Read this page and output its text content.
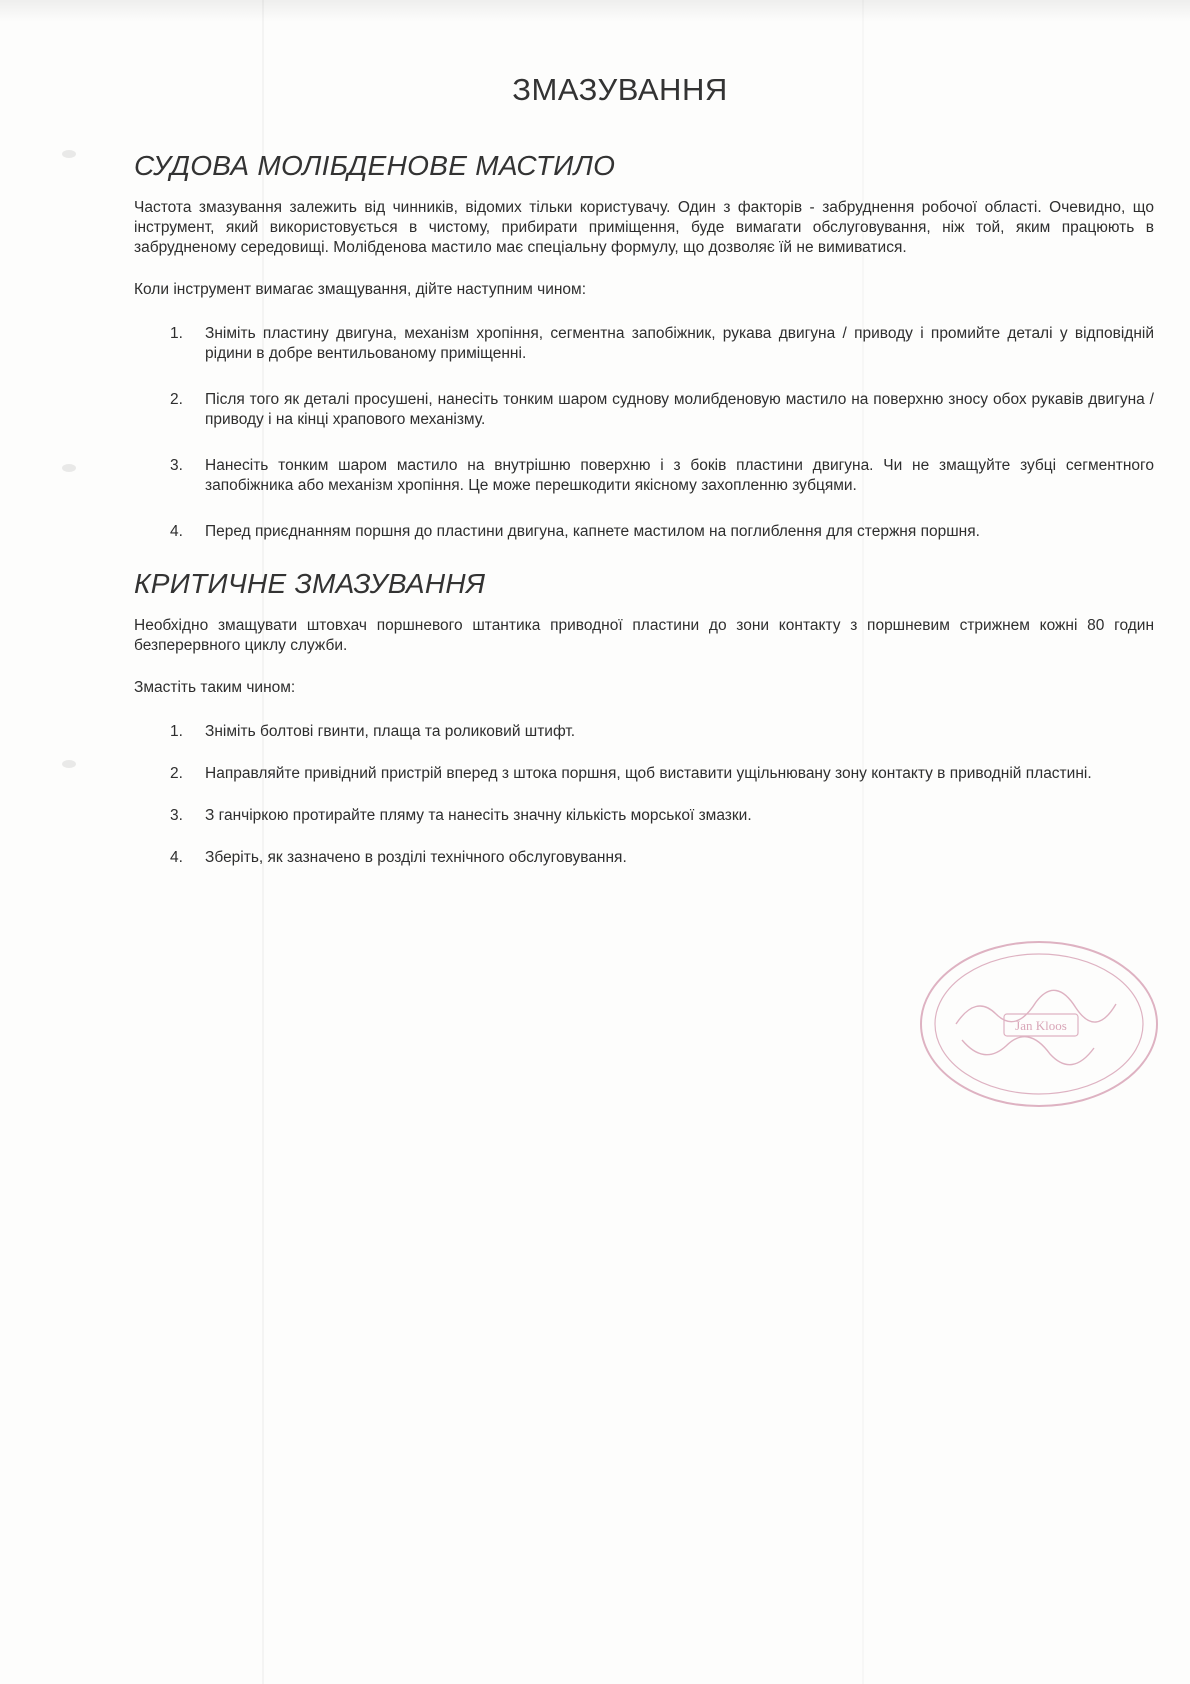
ЗМАЗУВАННЯ
СУДОВА МОЛІБДЕНОВЕ МАСТИЛО

Частота змазування залежить від чинників, відомих тільки користувачу. Один з факторів - забруднення робочої області. Очевидно, що інструмент, який використовується в чистому, прибирати приміщення, буде вимагати обслуговування, ніж той, яким працюють в забрудненому середовищі. Молібденова мастило має спеціальну формулу, що дозволяє їй не вимиватися.

Коли інструмент вимагає змащування, дійте наступним чином:

1. Зніміть пластину двигуна, механізм хропіння, сегментна запобіжник, рукава двигуна / приводу і промийте деталі у відповідній рідини в добре вентильованому приміщенні.
2. Після того як деталі просушені, нанесіть тонким шаром суднову молибденовую мастило на поверхню зносу обох рукавів двигуна / приводу і на кінці храпового механізму.
3. Нанесіть тонким шаром мастило на внутрішню поверхню і з боків пластини двигуна. Чи не змащуйте зубці сегментного запобіжника або механізм хропіння. Це може перешкодити якісному захопленню зубцями.
4. Перед приєднанням поршня до пластини двигуна, капнете мастилом на поглиблення для стержня поршня.
КРИТИЧНЕ ЗМАЗУВАННЯ

Необхідно змащувати штовхач поршневого штантика приводної пластини до зони контакту з поршневим стрижнем кожні 80 годин безперервного циклу служби.

Змастіть таким чином:

1. Зніміть болтові гвинти, плаща та роликовий штифт.
2. Направляйте привідний пристрій вперед з штока поршня, щоб виставити ущільнювану зону контакту в приводній пластині.
3. З ганчіркою протирайте пляму та нанесіть значну кількість морської змазки.
4. Зберіть, як зазначено в розділі технічного обслуговування.
Jan Kloos
